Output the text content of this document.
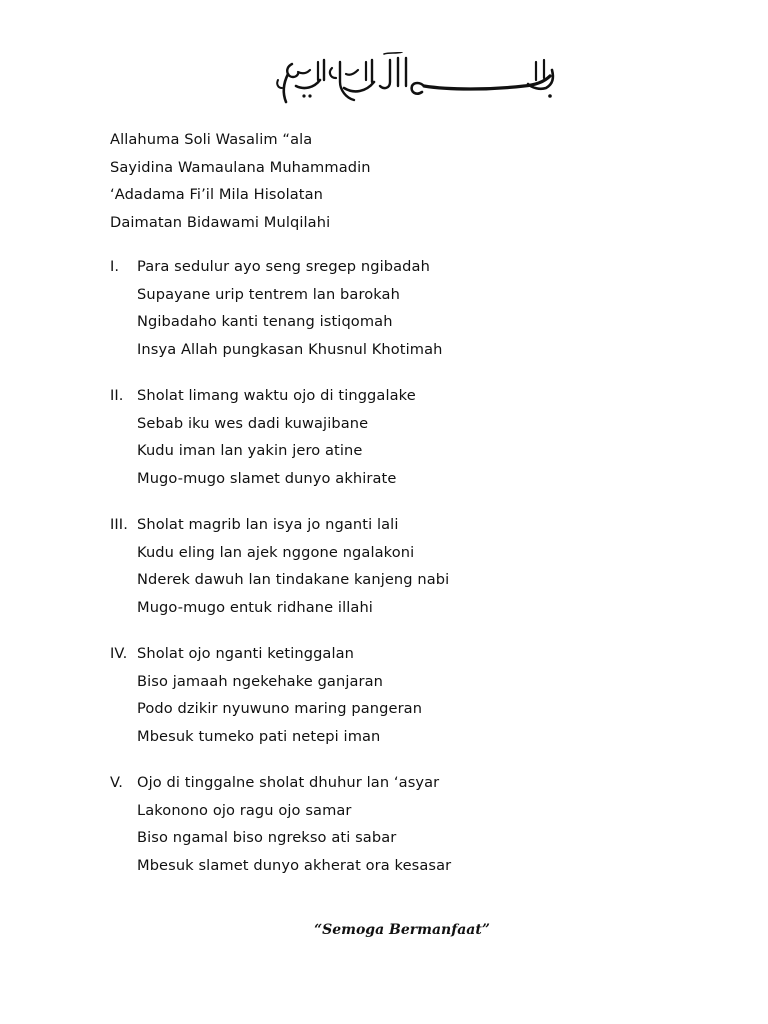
Allahuma Soli Wasalim “ala
Sayidina Wamaulana Muhammadin
‘Adadama Fi’il Mila Hisolatan
Daimatan Bidawami Mulqilahi
I.	Para sedulur ayo seng sregep ngibadah
Supayane urip tentrem lan barokah
Ngibadaho kanti tenang istiqomah
Insya Allah pungkasan Khusnul Khotimah
II. Sholat limang waktu ojo di tinggalake
Sebab iku wes dadi kuwajibane
Kudu iman lan yakin jero atine
Mugo-mugo slamet dunyo akhirate
III. Sholat magrib lan isya jo nganti lali
Kudu eling lan ajek nggone ngalakoni
Nderek dawuh lan tindakane kanjeng nabi
Mugo-mugo entuk ridhane illahi
IV. Sholat ojo nganti ketinggalan
Biso jamaah ngekehake ganjaran
Podo dzikir nyuwuno maring pangeran
Mbesuk tumeko pati netepi iman
V. Ojo di tinggalne sholat dhuhur lan ‘asyar
Lakonono ojo ragu ojo samar
Biso ngamal biso ngrekso ati sabar
Mbesuk slamet dunyo akherat ora kesasar
“Semoga Bermanfaat”
